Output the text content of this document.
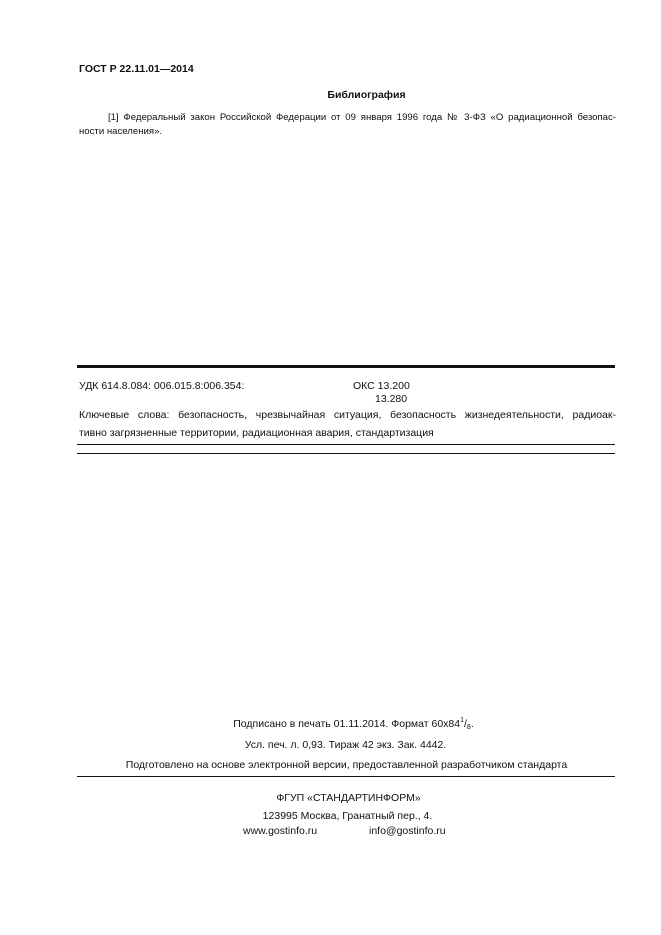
ГОСТ Р 22.11.01—2014
Библиография
[1] Федеральный закон Российской Федерации от 09 января 1996 года № 3-ФЗ «О радиационной безопас-
ности населения».
УДК 614.8.084: 006.015.8:006.354:	ОКС 13.200
13.280
Ключевые слова: безопасность, чрезвычайная ситуация, безопасность жизнедеятельности, радиоак-
тивно загрязненные территории, радиационная авария, стандартизация
Подписано в печать 01.11.2014. Формат $60x84^1/_8$.
Усл. печ. л. 0,93. Тираж 42 экз. Зак. 4442.
Подготовлено на основе электронной версии, предоставленной разработчиком стандарта
ФГУП «СТАНДАРТИНФОРМ»
123995 Москва, Гранатный пер., 4.
www.gostinfo.ru	info@gostinfo.ru
